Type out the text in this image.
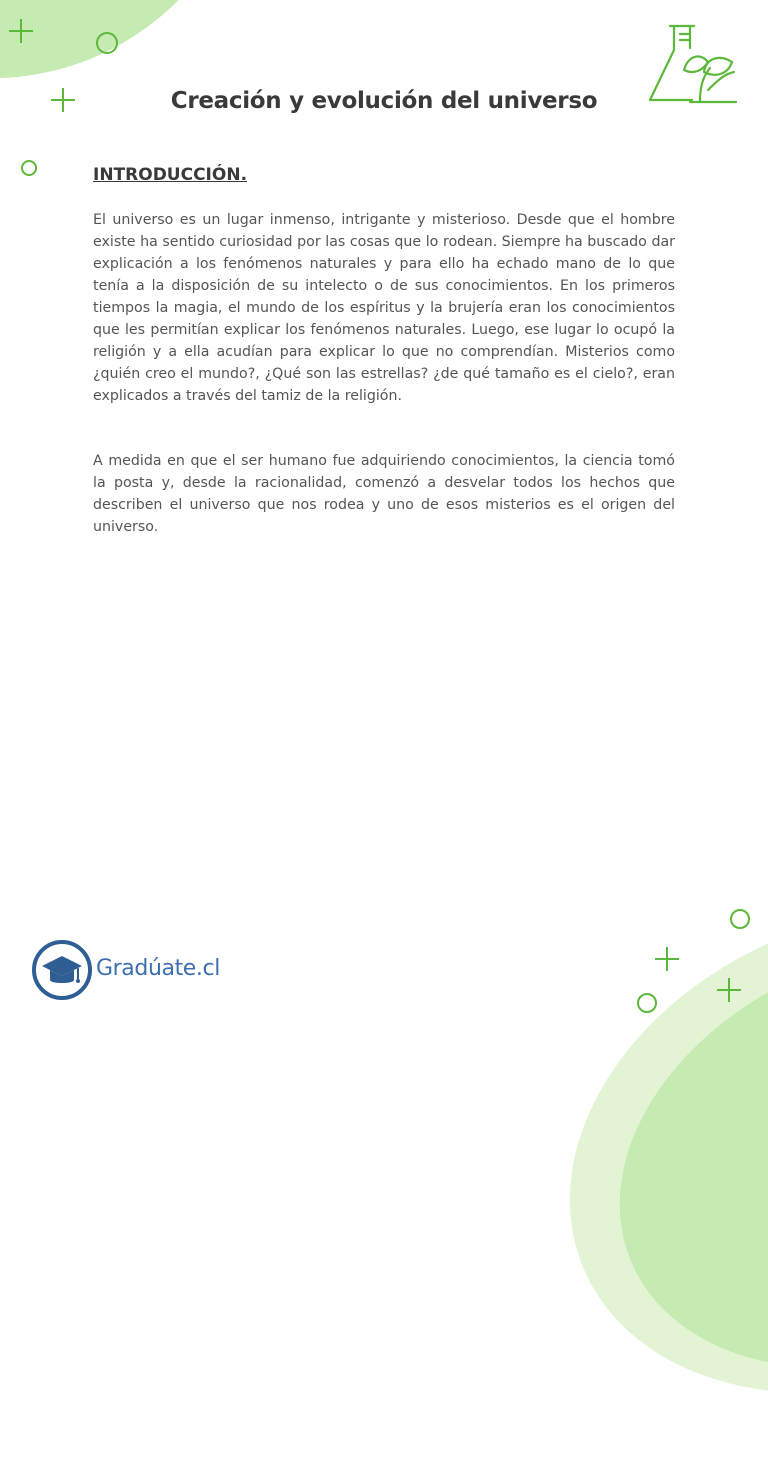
Creación y evolución del universo
INTRODUCCIÓN.

El universo es un lugar inmenso, intrigante y misterioso. Desde que el hombre existe ha sentido curiosidad por las cosas que lo rodean. Siempre ha buscado dar explicación a los fenómenos naturales y para ello ha echado mano de lo que tenía a la disposición de su intelecto o de sus conocimientos. En los primeros tiempos la magia, el mundo de los espíritus y la brujería eran los conocimientos que les permitían explicar los fenómenos naturales. Luego, ese lugar lo ocupó la religión y a ella acudían para explicar lo que no comprendían. Misterios como ¿quién creo el mundo?, ¿Qué son las estrellas? ¿de qué tamaño es el cielo?, eran explicados a través del tamiz de la religión.

A medida en que el ser humano fue adquiriendo conocimientos, la ciencia tomó la posta y, desde la racionalidad, comenzó a desvelar todos los hechos que describen el universo que nos rodea y uno de esos misterios es el origen del universo.

Gradúate.cl
